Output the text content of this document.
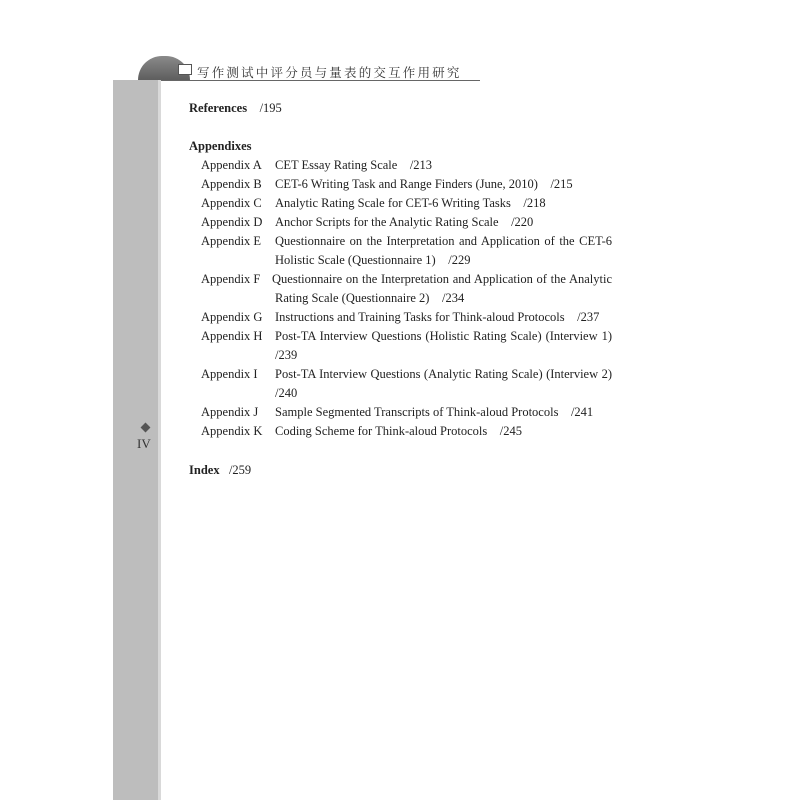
写作测试中评分员与量表的交互作用研究
IV
References /195
Appendixes
Appendix A CET Essay Rating Scale /213
Appendix B CET-6 Writing Task and Range Finders (June, 2010) /215
Appendix C Analytic Rating Scale for CET-6 Writing Tasks /218
Appendix D Anchor Scripts for the Analytic Rating Scale /220
Appendix E Questionnaire on the Interpretation and Application of the CET-6
Holistic Scale (Questionnaire 1) /229
Appendix F Questionnaire on the Interpretation and Application of the Analytic
Rating Scale (Questionnaire 2) /234
Appendix G Instructions and Training Tasks for Think-aloud Protocols /237
Appendix H Post-TA Interview Questions (Holistic Rating Scale) (Interview 1)
/239
Appendix I Post-TA Interview Questions (Analytic Rating Scale) (Interview 2)
/240
Appendix J Sample Segmented Transcripts of Think-aloud Protocols /241
Appendix K Coding Scheme for Think-aloud Protocols /245
Index /259
